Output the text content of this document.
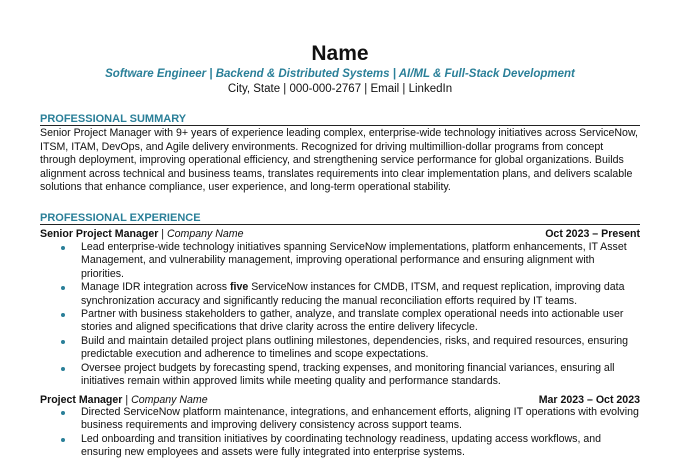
Name
Software Engineer | Backend & Distributed Systems | AI/ML & Full-Stack Development
City, State | 000-000-2767 | Email | LinkedIn
PROFESSIONAL SUMMARY
Senior Project Manager with 9+ years of experience leading complex, enterprise-wide technology initiatives across ServiceNow, ITSM, ITAM, DevOps, and Agile delivery environments. Recognized for driving multimillion-dollar programs from concept through deployment, improving operational efficiency, and strengthening service performance for global organizations. Builds alignment across technical and business teams, translates requirements into clear implementation plans, and delivers scalable solutions that enhance compliance, user experience, and long-term operational stability.
PROFESSIONAL EXPERIENCE
Senior Project Manager | Company Name	Oct 2023 – Present
Lead enterprise-wide technology initiatives spanning ServiceNow implementations, platform enhancements, IT Asset Management, and vulnerability management, improving operational performance and ensuring alignment with priorities.
Manage IDR integration across five ServiceNow instances for CMDB, ITSM, and request replication, improving data synchronization accuracy and significantly reducing the manual reconciliation efforts required by IT teams.
Partner with business stakeholders to gather, analyze, and translate complex operational needs into actionable user stories and aligned specifications that drive clarity across the entire delivery lifecycle.
Build and maintain detailed project plans outlining milestones, dependencies, risks, and required resources, ensuring predictable execution and adherence to timelines and scope expectations.
Oversee project budgets by forecasting spend, tracking expenses, and monitoring financial variances, ensuring all initiatives remain within approved limits while meeting quality and performance standards.
Project Manager | Company Name	Mar 2023 – Oct 2023
Directed ServiceNow platform maintenance, integrations, and enhancement efforts, aligning IT operations with evolving business requirements and improving delivery consistency across support teams.
Led onboarding and transition initiatives by coordinating technology readiness, updating access workflows, and ensuring new employees and assets were fully integrated into enterprise systems.
